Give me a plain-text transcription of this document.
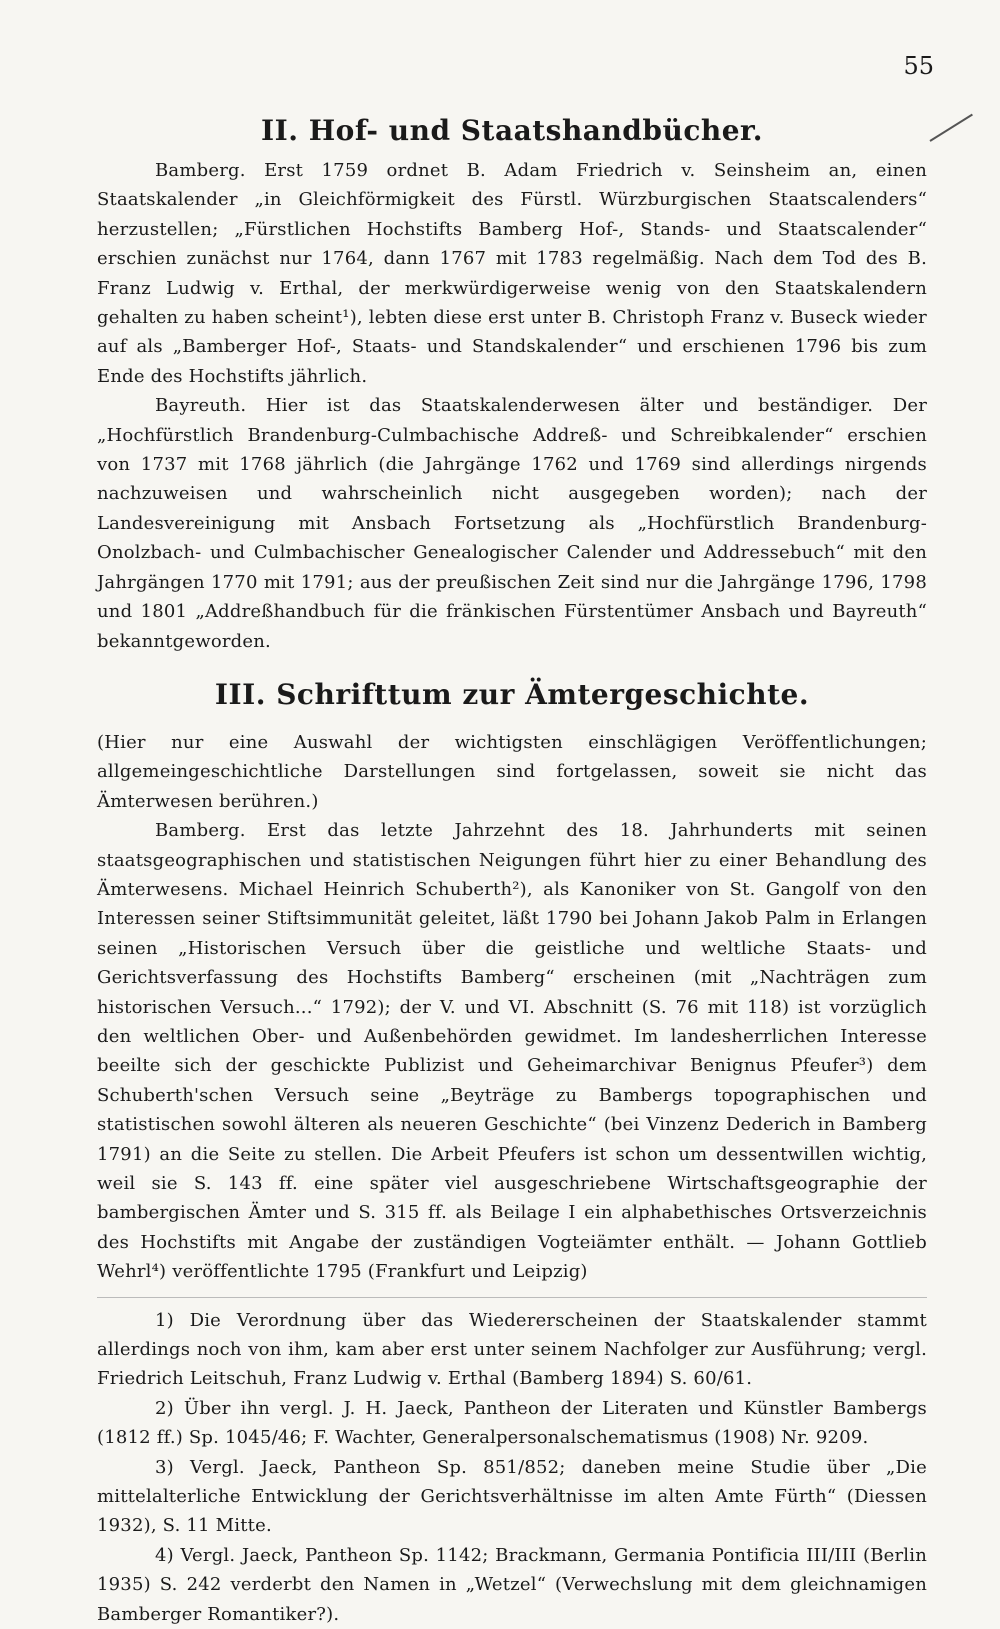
55
II. Hof- und Staatshandbücher.

Bamberg. Erst 1759 ordnet B. Adam Friedrich v. Seinsheim an, einen Staatskalender „in Gleichförmigkeit des Fürstl. Würzburgischen Staatscalenders“ herzustellen; „Fürstlichen Hochstifts Bamberg Hof-, Stands- und Staatscalender“ erschien zunächst nur 1764, dann 1767 mit 1783 regelmäßig. Nach dem Tod des B. Franz Ludwig v. Erthal, der merkwürdigerweise wenig von den Staatskalendern gehalten zu haben scheint¹), lebten diese erst unter B. Christoph Franz v. Buseck wieder auf als „Bamberger Hof-, Staats- und Standskalender“ und erschienen 1796 bis zum Ende des Hochstifts jährlich.

Bayreuth. Hier ist das Staatskalenderwesen älter und beständiger. Der „Hochfürstlich Brandenburg-Culmbachische Addreß- und Schreibkalender“ erschien von 1737 mit 1768 jährlich (die Jahrgänge 1762 und 1769 sind allerdings nirgends nachzuweisen und wahrscheinlich nicht ausgegeben worden); nach der Landesvereinigung mit Ansbach Fortsetzung als „Hochfürstlich Brandenburg-Onolzbach- und Culmbachischer Genealogischer Calender und Addressebuch“ mit den Jahrgängen 1770 mit 1791; aus der preußischen Zeit sind nur die Jahrgänge 1796, 1798 und 1801 „Addreßhandbuch für die fränkischen Fürstentümer Ansbach und Bayreuth“ bekanntgeworden.

III. Schrifttum zur Ämtergeschichte.

(Hier nur eine Auswahl der wichtigsten einschlägigen Veröffentlichungen; allgemeingeschichtliche Darstellungen sind fortgelassen, soweit sie nicht das Ämterwesen berühren.)

Bamberg. Erst das letzte Jahrzehnt des 18. Jahrhunderts mit seinen staatsgeographischen und statistischen Neigungen führt hier zu einer Behandlung des Ämterwesens. Michael Heinrich Schuberth²), als Kanoniker von St. Gangolf von den Interessen seiner Stiftsimmunität geleitet, läßt 1790 bei Johann Jakob Palm in Erlangen seinen „Historischen Versuch über die geistliche und weltliche Staats- und Gerichtsverfassung des Hochstifts Bamberg“ erscheinen (mit „Nachträgen zum historischen Versuch...“ 1792); der V. und VI. Abschnitt (S. 76 mit 118) ist vorzüglich den weltlichen Ober- und Außenbehörden gewidmet. Im landesherrlichen Interesse beeilte sich der geschickte Publizist und Geheimarchivar Benignus Pfeufer³) dem Schuberth'schen Versuch seine „Beyträge zu Bambergs topographischen und statistischen sowohl älteren als neueren Geschichte“ (bei Vinzenz Dederich in Bamberg 1791) an die Seite zu stellen. Die Arbeit Pfeufers ist schon um dessentwillen wichtig, weil sie S. 143 ff. eine später viel ausgeschriebene Wirtschaftsgeographie der bambergischen Ämter und S. 315 ff. als Beilage I ein alphabethisches Ortsverzeichnis des Hochstifts mit Angabe der zuständigen Vogteiämter enthält. — Johann Gottlieb Wehrl⁴) veröffentlichte 1795 (Frankfurt und Leipzig)

1) Die Verordnung über das Wiedererscheinen der Staatskalender stammt allerdings noch von ihm, kam aber erst unter seinem Nachfolger zur Ausführung; vergl. Friedrich Leitschuh, Franz Ludwig v. Erthal (Bamberg 1894) S. 60/61.

2) Über ihn vergl. J. H. Jaeck, Pantheon der Literaten und Künstler Bambergs (1812 ff.) Sp. 1045/46; F. Wachter, Generalpersonalschematismus (1908) Nr. 9209.

3) Vergl. Jaeck, Pantheon Sp. 851/852; daneben meine Studie über „Die mittelalterliche Entwicklung der Gerichtsverhältnisse im alten Amte Fürth“ (Diessen 1932), S. 11 Mitte.

4) Vergl. Jaeck, Pantheon Sp. 1142; Brackmann, Germania Pontificia III/III (Berlin 1935) S. 242 verderbt den Namen in „Wetzel“ (Verwechslung mit dem gleichnamigen Bamberger Romantiker?).
